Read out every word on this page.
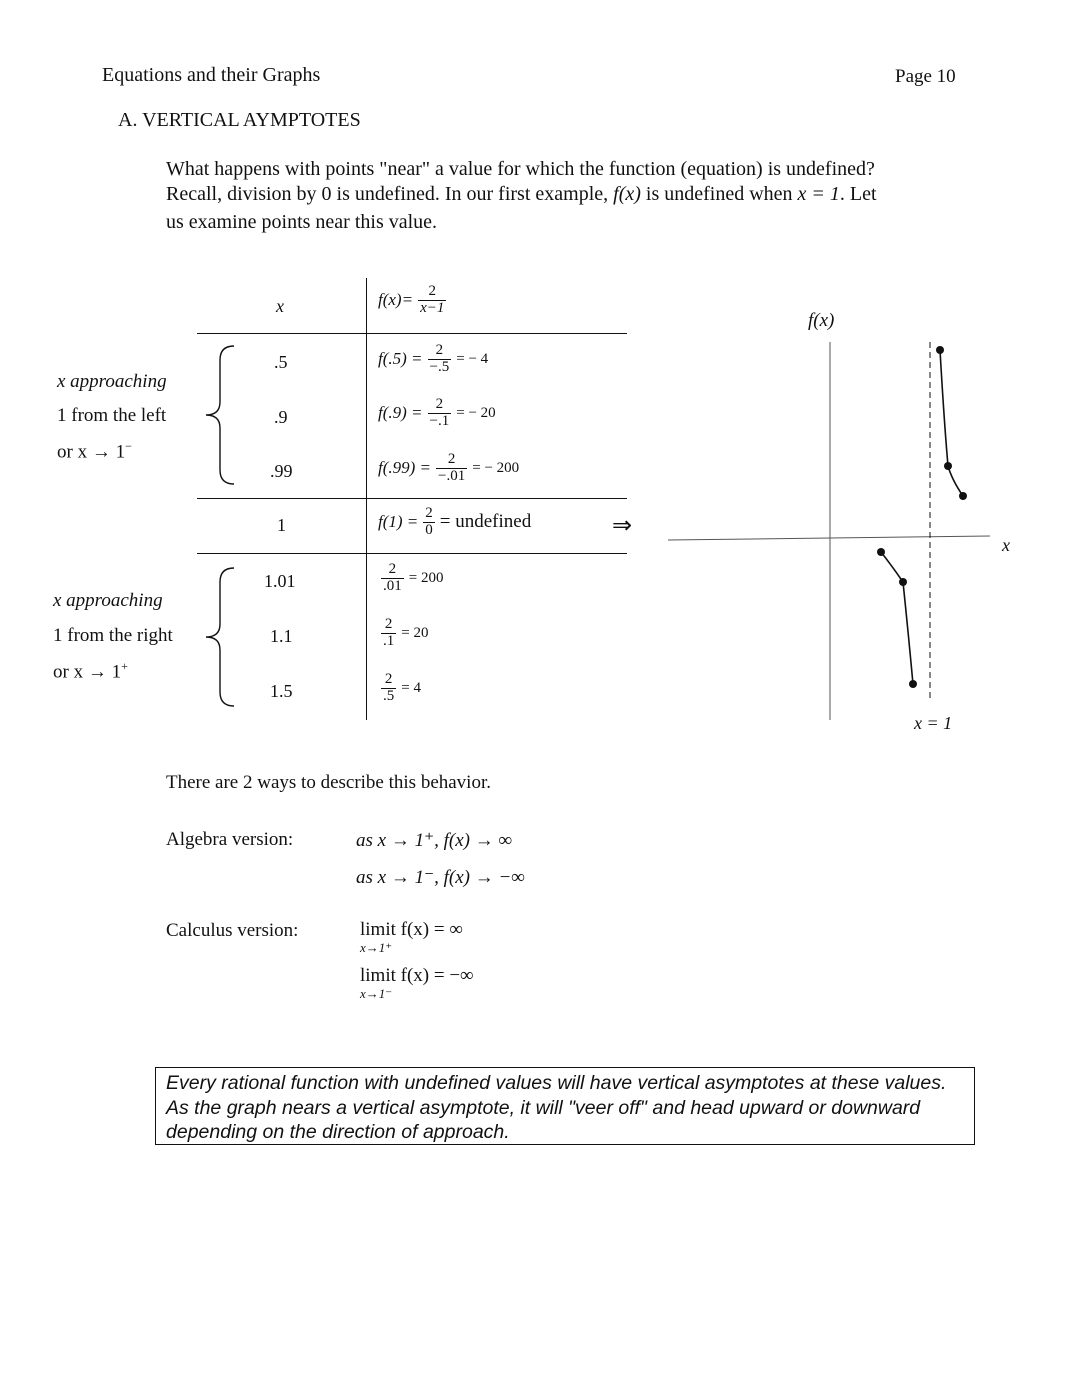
Equations and their Graphs	Page 10
A. VERTICAL AYMPTOTES
What happens with points "near" a value for which the function (equation) is undefined?
Recall, division by 0 is undefined. In our first example, f(x) is undefined when x = 1. Let
us examine points near this value.
x	$f(x)= \frac{2}{x-1}$
x approaching
1 from the left
or x → 1−
x approaching
1 from the right
or x → 1+
.5	$f(.5) = \frac{2}{-.5}$ = − 4
.9	$f(.9) = \frac{2}{-.1}$ = − 20
.99	$f(.99) = \frac{2}{-.01}$ = − 200
1	$f(1) = \frac{2}{0}$ = undefined	⇒
1.01	$\frac{2}{.01} = 200$
1.1	$\frac{2}{.1} = 20$
1.5	$\frac{2}{.5} = 4$
f(x)
x
x = 1
There are 2 ways to describe this behavior.
Algebra version:	as x → 1⁺, f(x) → ∞
as x → 1⁻, f(x) → −∞
Calculus version:	limit f(x) = ∞
x→1⁺
limit f(x) = −∞
x→1⁻
Every rational function with undefined values will have vertical asymptotes at these values. As the graph nears a vertical asymptote, it will "veer off" and head upward or downward depending on the direction of approach.
